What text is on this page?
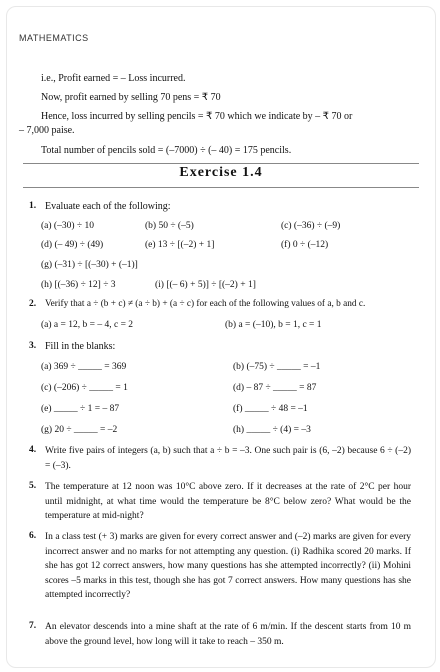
MATHEMATICS
i.e., Profit earned = – Loss incurred.
Now, profit earned by selling 70 pens = ₹ 70
Hence, loss incurred by selling pencils = ₹ 70 which we indicate by – ₹ 70 or
– 7,000 paise.
Total number of pencils sold = (–7000) ÷ (– 40) = 175 pencils.
Exercise 1.4
1. Evaluate each of the following:
(a) (–30) ÷ 10	(b) 50 ÷ (–5)	(c) (–36) ÷ (–9)
(d) (– 49) ÷ (49)	(e) 13 ÷ [(–2) + 1]	(f) 0 ÷ (–12)
(g) (–31) ÷ [(–30) + (–1)]
(h) [(–36) ÷ 12] ÷ 3	(i) [(– 6) + 5)] ÷ [(–2) + 1]
2. Verify that a ÷ (b + c) ≠ (a ÷ b) + (a ÷ c) for each of the following values of a, b and c.
(a) a = 12, b = – 4, c = 2	(b) a = (–10), b = 1, c = 1
3. Fill in the blanks:
(a) 369 ÷ _____ = 369	(b) (–75) ÷ _____ = –1
(c) (–206) ÷ _____ = 1	(d) – 87 ÷ _____ = 87
(e) _____ ÷ 1 = – 87	(f) _____ ÷ 48 = –1
(g) 20 ÷ _____ = –2	(h) _____ ÷ (4) = –3
4. Write five pairs of integers (a, b) such that a ÷ b = –3. One such pair is (6, –2) because 6 ÷ (–2) = (–3).
5. The temperature at 12 noon was 10°C above zero. If it decreases at the rate of 2°C per hour until midnight, at what time would the temperature be 8°C below zero? What would be the temperature at mid-night?
6. In a class test (+ 3) marks are given for every correct answer and (–2) marks are given for every incorrect answer and no marks for not attempting any question. (i) Radhika scored 20 marks. If she has got 12 correct answers, how many questions has she attempted incorrectly? (ii) Mohini scores –5 marks in this test, though she has got 7 correct answers. How many questions has she attempted incorrectly?
7. An elevator descends into a mine shaft at the rate of 6 m/min. If the descent starts from 10 m above the ground level, how long will it take to reach – 350 m.
